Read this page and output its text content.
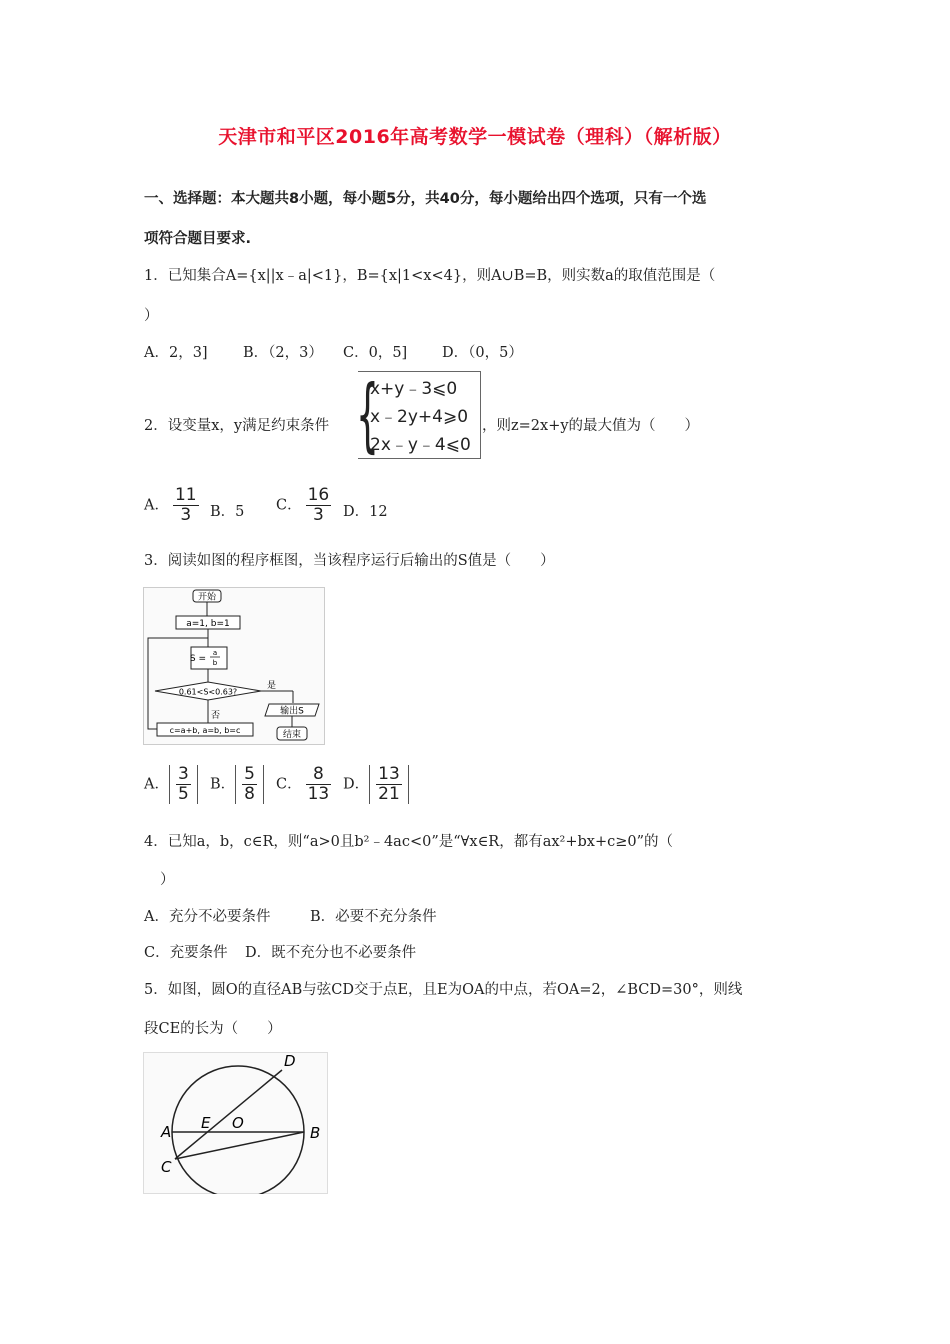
天津市和平区2016年高考数学一模试卷（理科）（解析版）
一、选择题：本大题共8小题，每小题5分，共40分，每小题给出四个选项，只有一个选
项符合题目要求.
1．已知集合A={x||x﹣a|<1}，B={x|1<x<4}，则A∪B=B，则实数a的取值范围是（
）
A．2，3] B．（2，3） C．0，5] D．（0，5）
2．设变量x，y满足约束条件 {
x+y﹣3⩽0
x﹣2y+4⩾0
2x﹣y﹣4⩽0
，则z=2x+y的最大值为（　　）
A． $\frac{11}{3}$ B．5 C． $\frac{16}{3}$ D．12
3．阅读如图的程序框图，当该程序运行后输出的S值是（　　）
开始
a=1, b=1
S =
a
b
0.61<S<0.63?
是
输出S
结束
否
c=a+b, a=b, b=c
A． $\frac{3}{5}$ B． $\frac{5}{8}$ C． $\frac{8}{13}$ D． $\frac{13}{21}$
4．已知a，b，c∈R，则“a>0且b²﹣4ac<0”是“∀x∈R，都有ax²+bx+c≥0”的（
）
A．充分不必要条件	B．必要不充分条件
C．充要条件 D．既不充分也不必要条件
5．如图，圆O的直径AB与弦CD交于点E，且E为OA的中点，若OA=2，∠BCD=30°，则线
段CE的长为（　　）
A	B
C
D
E O
